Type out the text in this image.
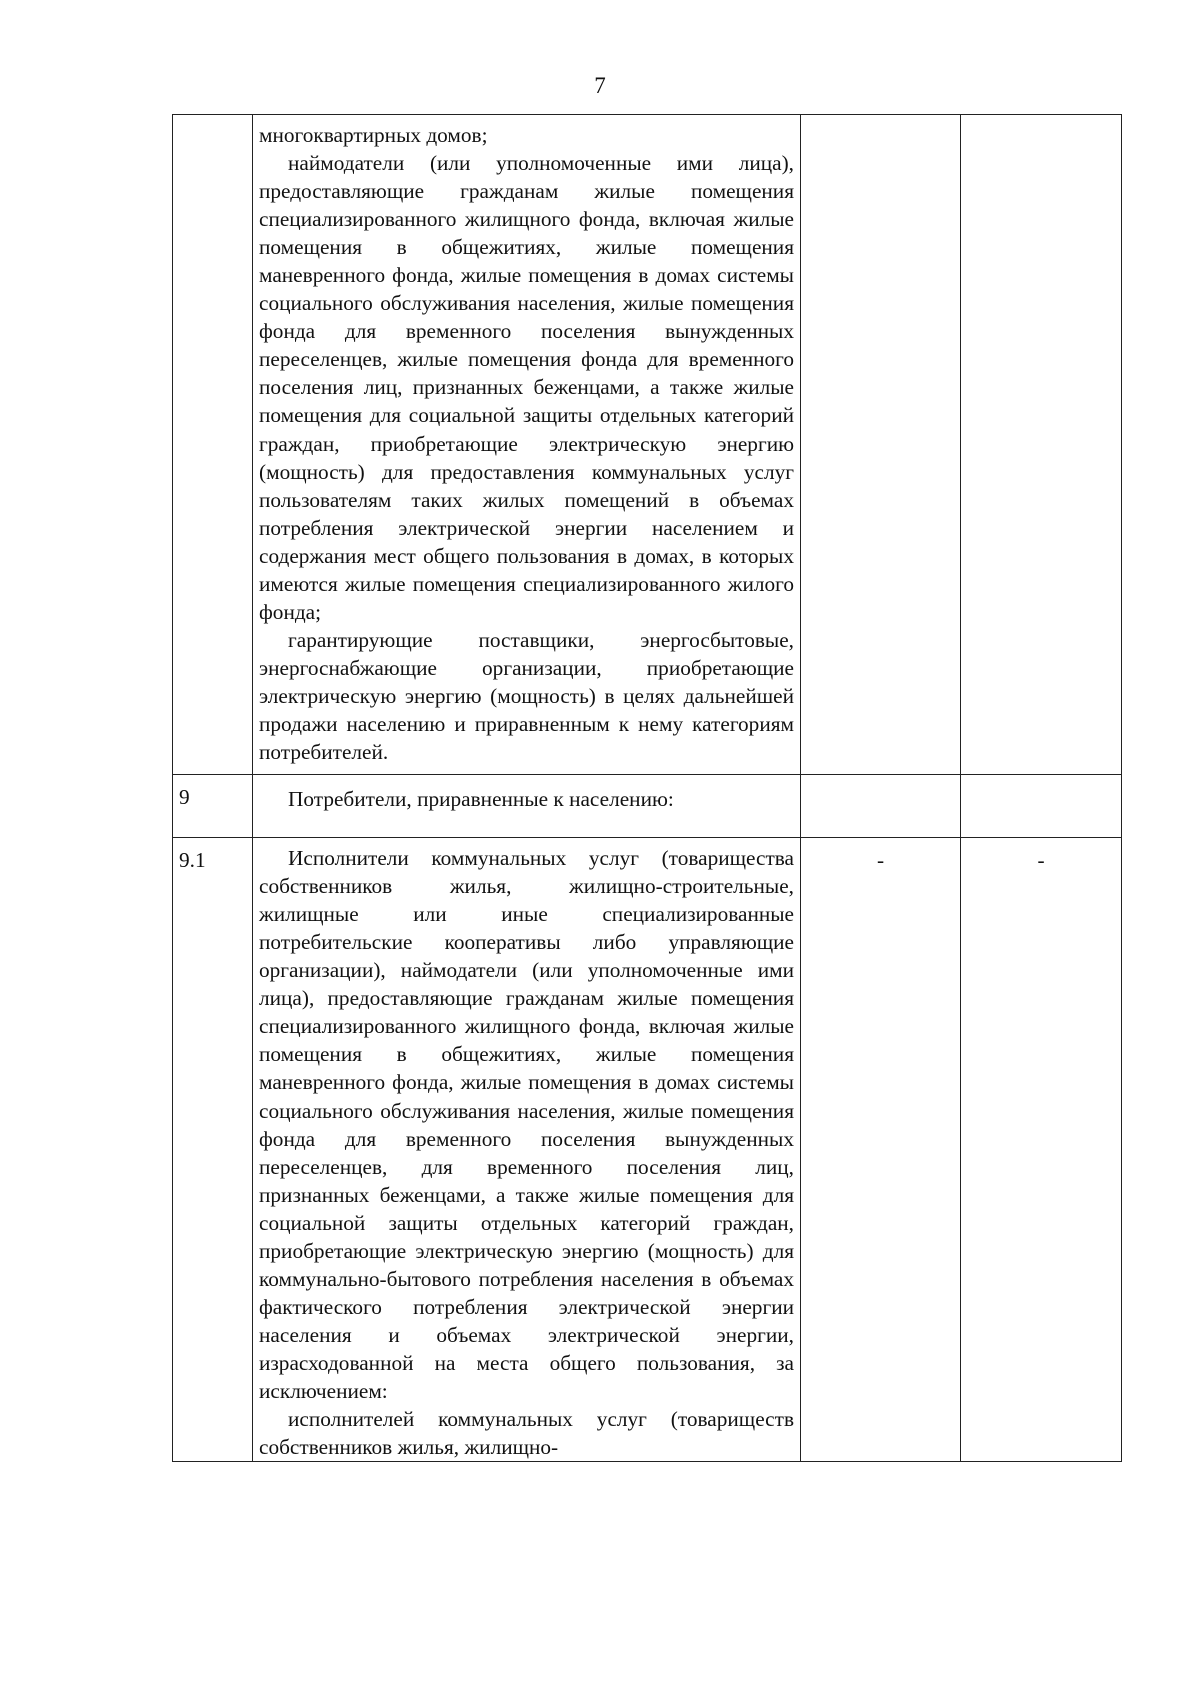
7

	многоквартирных домов;

наймодатели (или уполномоченные ими лица), предоставляющие гражданам жилые помещения специализированного жилищного фонда, включая жилые помещения в общежитиях, жилые помещения маневренного фонда, жилые помещения в домах системы социального обслуживания населения, жилые помещения фонда для временного поселения вынужденных переселенцев, жилые помещения фонда для временного поселения лиц, признанных беженцами, а также жилые помещения для социальной защиты отдельных категорий граждан, приобретающие электрическую энергию (мощность) для предоставления коммунальных услуг пользователям таких жилых помещений в объемах потребления электрической энергии населением и содержания мест общего пользования в домах, в которых имеются жилые помещения специализированного жилого фонда;

гарантирующие поставщики, энергосбытовые, энергоснабжающие организации, приобретающие электрическую энергию (мощность) в целях дальнейшей продажи населению и приравненным к нему категориям потребителей.		

9	Потребители, приравненные к населению:		

9.1	Исполнители коммунальных услуг (товарищества собственников жилья, жилищно-строительные, жилищные или иные специализированные потребительские кооперативы либо управляющие организации), наймодатели (или уполномоченные ими лица), предоставляющие гражданам жилые помещения специализированного жилищного фонда, включая жилые помещения в общежитиях, жилые помещения маневренного фонда, жилые помещения в домах системы социального обслуживания населения, жилые помещения фонда для временного поселения вынужденных переселенцев, для временного поселения лиц, признанных беженцами, а также жилые помещения для социальной защиты отдельных категорий граждан, приобретающие электрическую энергию (мощность) для коммунально-бытового потребления населения в объемах фактического потребления электрической энергии населения и объемах электрической энергии, израсходованной на места общего пользования, за исключением:

исполнителей коммунальных услуг (товариществ собственников жилья, жилищно-	-	-
